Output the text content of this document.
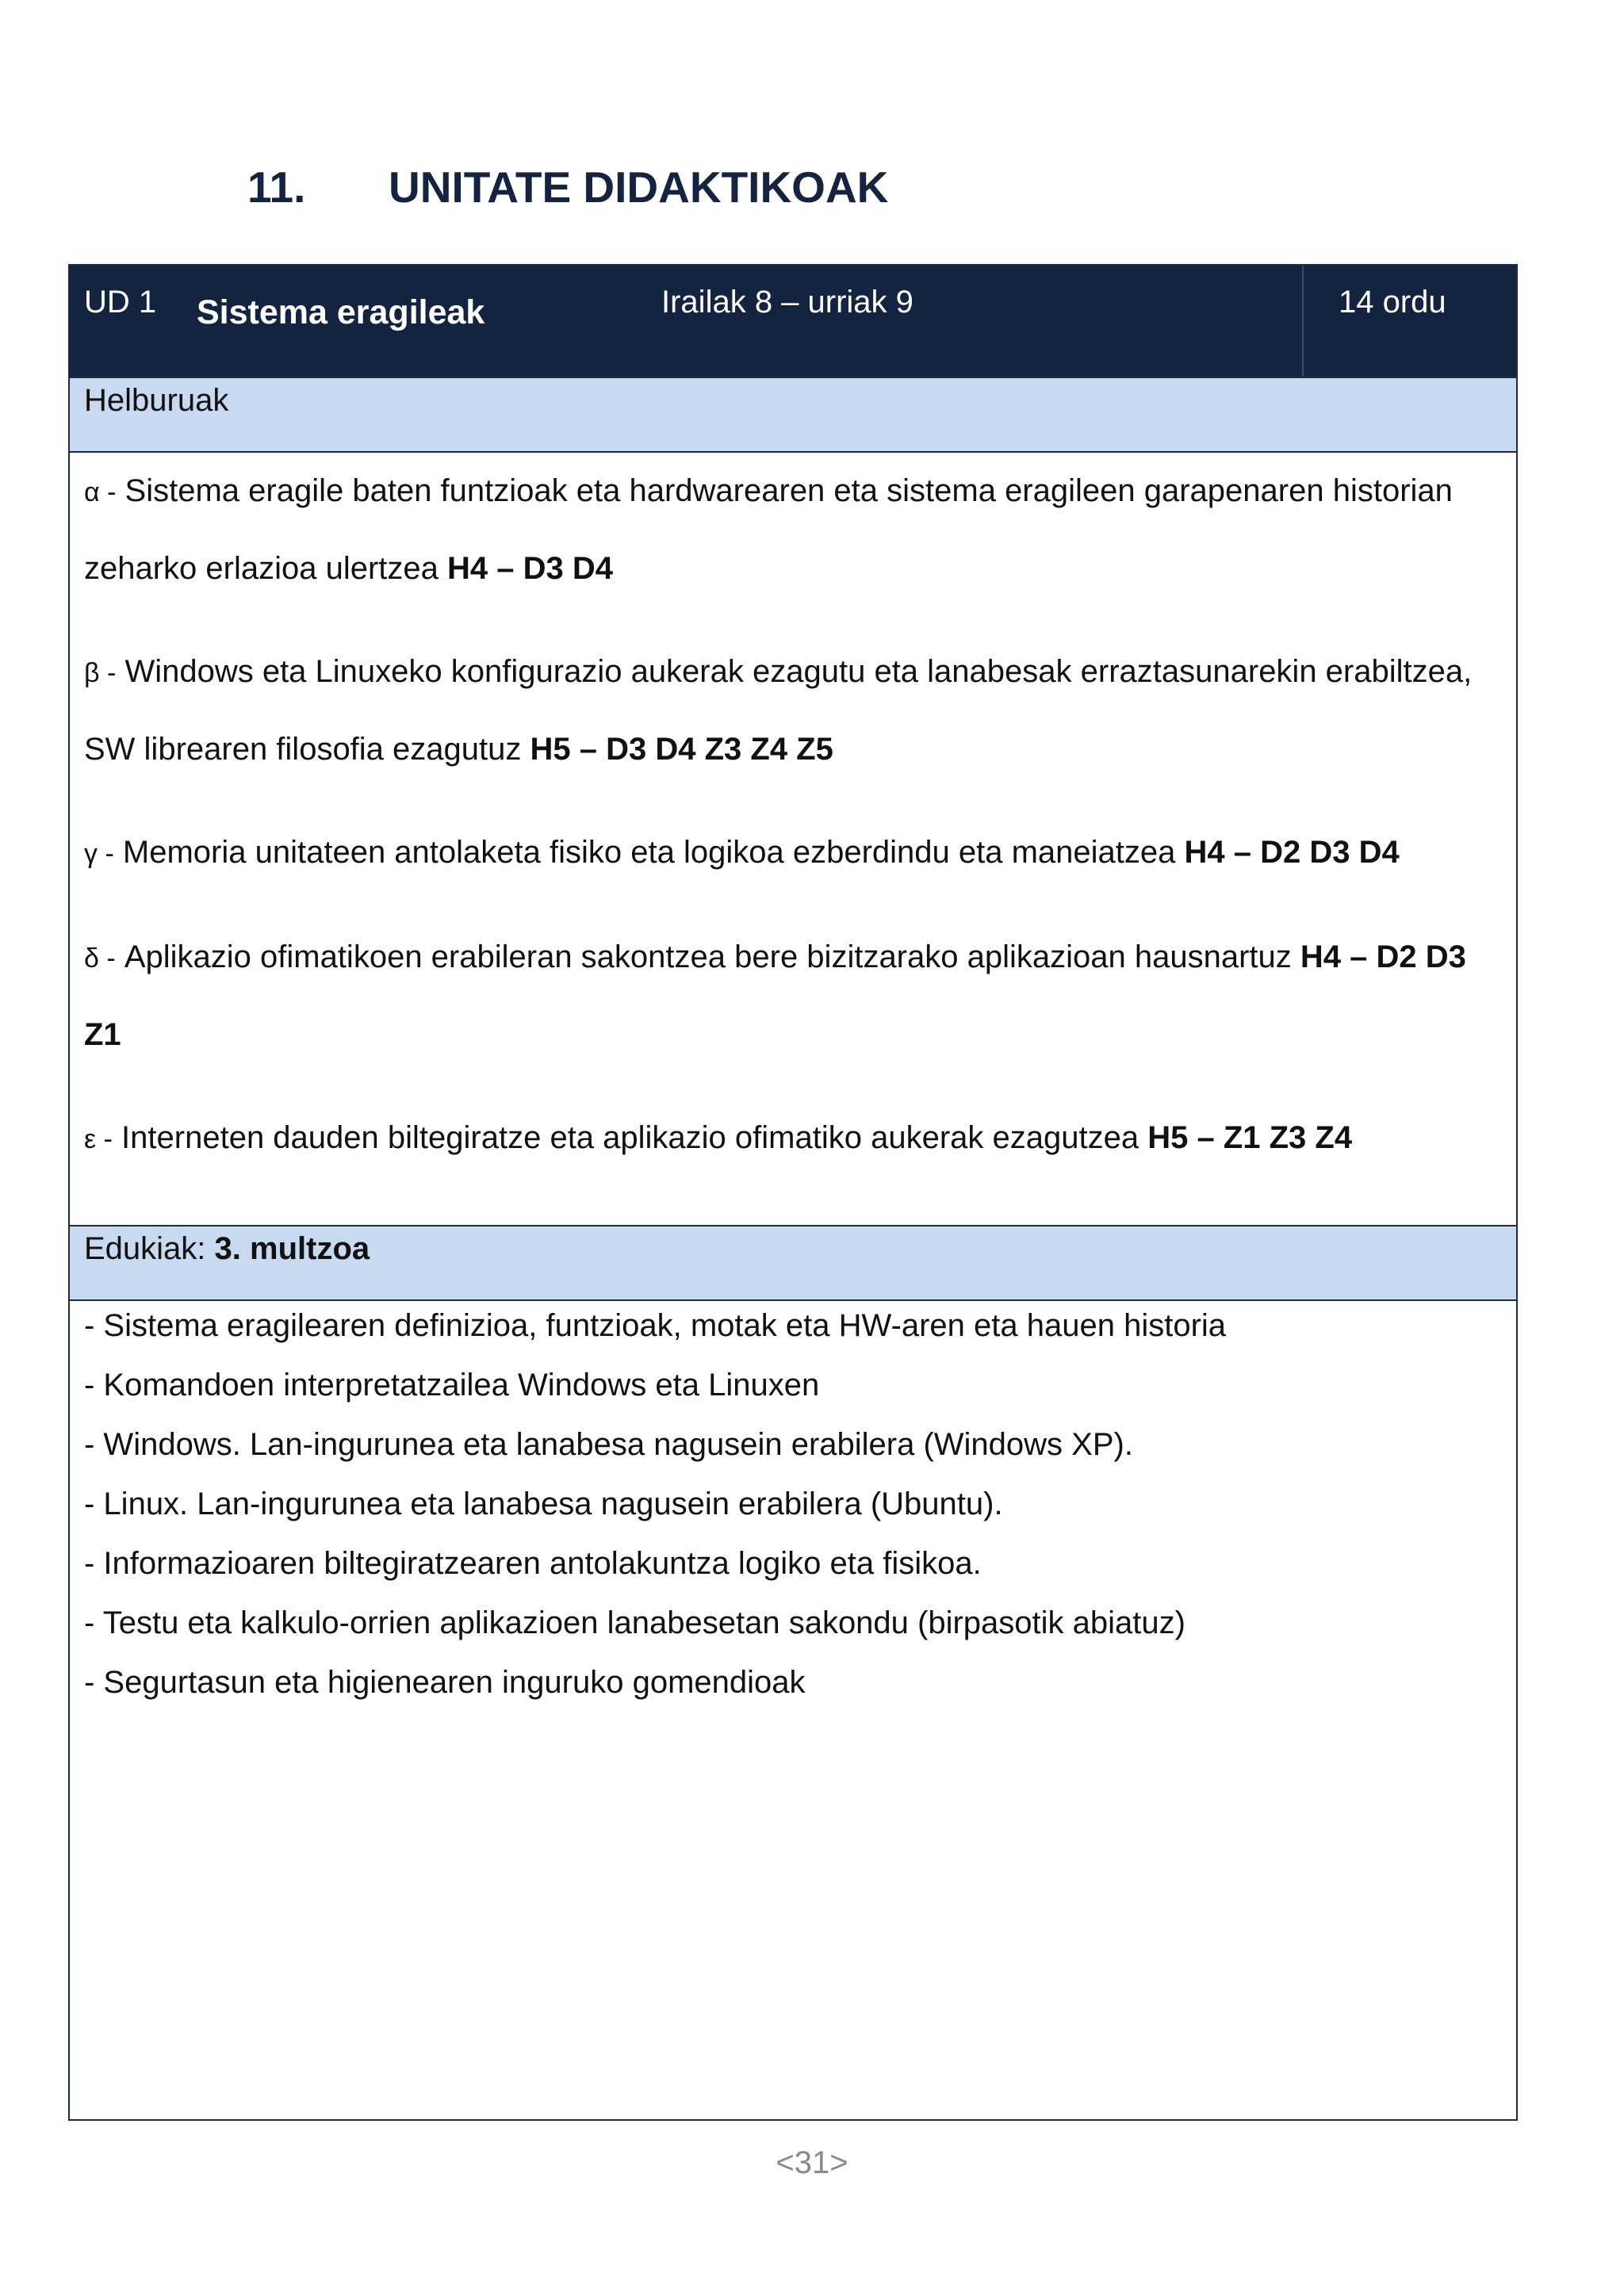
11.	UNITATE DIDAKTIKOAK
UD 1 Sistema eragileak	Irailak 8 – urriak 9	14 ordu
Helburuak
α - Sistema eragile baten funtzioak eta hardwarearen eta sistema eragileen garapenaren historian zeharko erlazioa ulertzea H4 – D3 D4
β - Windows eta Linuxeko konfigurazio aukerak ezagutu eta lanabesak erraztasunarekin erabiltzea, SW librearen filosofia ezagutuz H5 – D3 D4 Z3 Z4 Z5
γ - Memoria unitateen antolaketa fisiko eta logikoa ezberdindu eta maneiatzea H4 – D2 D3 D4
δ - Aplikazio ofimatikoen erabileran sakontzea bere bizitzarako aplikazioan hausnartuz H4 – D2 D3 Z1
ε - Interneten dauden biltegiratze eta aplikazio ofimatiko aukerak ezagutzea H5 – Z1 Z3 Z4
Edukiak: 3. multzoa
- Sistema eragilearen definizioa, funtzioak, motak eta HW-aren eta hauen historia
- Komandoen interpretatzailea Windows eta Linuxen
- Windows. Lan-ingurunea eta lanabesa nagusein erabilera (Windows XP).
- Linux. Lan-ingurunea eta lanabesa nagusein erabilera (Ubuntu).
- Informazioaren biltegiratzearen antolakuntza logiko eta fisikoa.
- Testu eta kalkulo-orrien aplikazioen lanabesetan sakondu (birpasotik abiatuz)
- Segurtasun eta higienearen inguruko gomendioak
<31>
